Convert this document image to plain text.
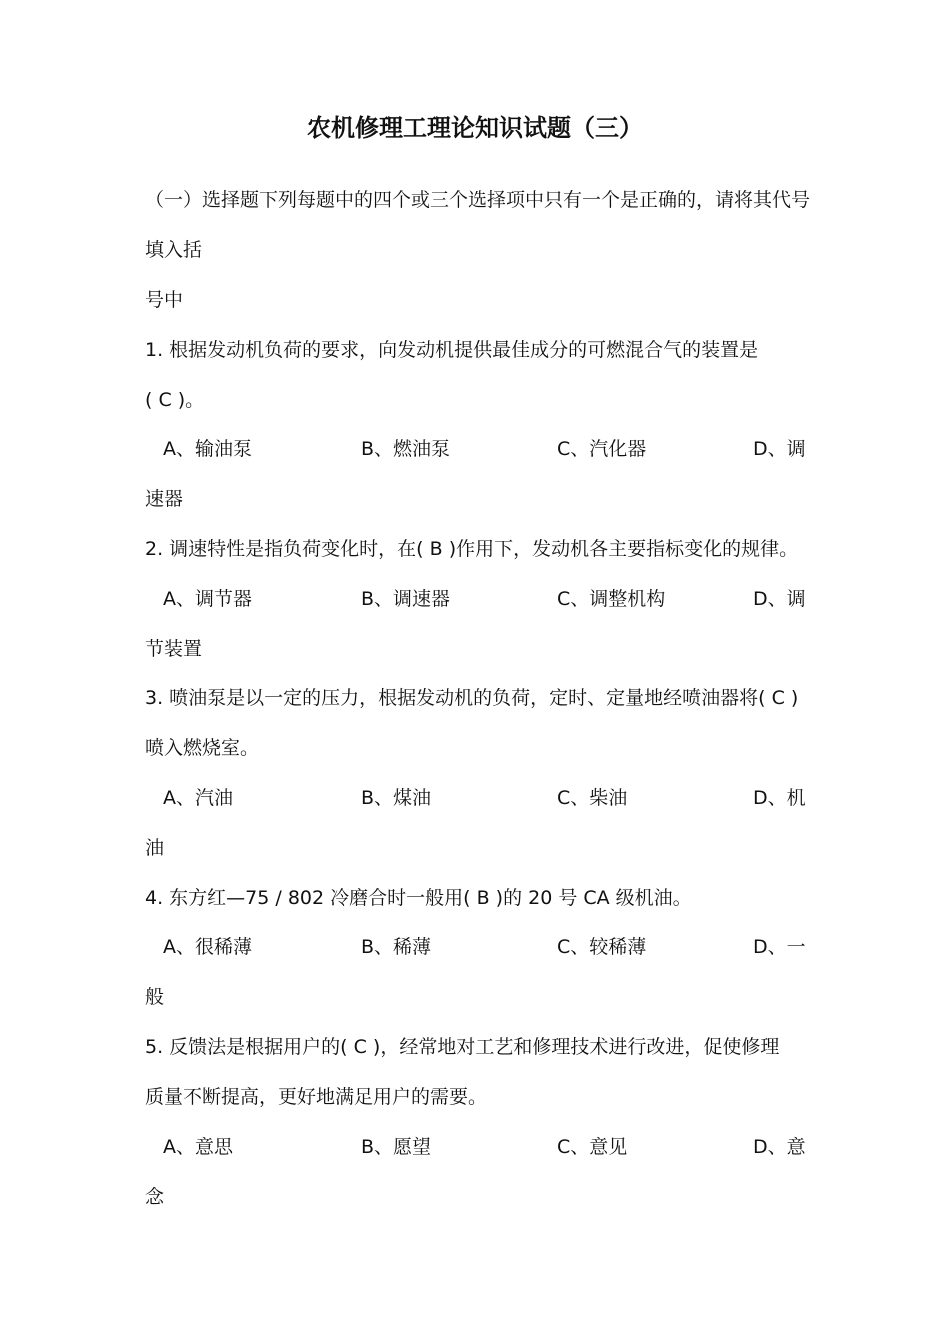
农机修理工理论知识试题（三）

（一）选择题下列每题中的四个或三个选择项中只有一个是正确的，请将其代号

填入括

号中

1. 根据发动机负荷的要求，向发动机提供最佳成分的可燃混合气的装置是

( C )。

A、输油泵	B、燃油泵	C、汽化器	D、调

速器

2. 调速特性是指负荷变化时，在( B )作用下，发动机各主要指标变化的规律。

A、调节器	B、调速器	C、调整机构	D、调

节装置

3. 喷油泵是以一定的压力，根据发动机的负荷，定时、定量地经喷油器将( C )

喷入燃烧室。

A、汽油	B、煤油	C、柴油	D、机

油

4. 东方红—75 / 802 冷磨合时一般用( B )的 20 号 CA 级机油。

A、很稀薄	B、稀薄	C、较稀薄	D、一

般

5. 反馈法是根据用户的( C )，经常地对工艺和修理技术进行改进，促使修理

质量不断提高，更好地满足用户的需要。

A、意思	B、愿望	C、意见	D、意

念
